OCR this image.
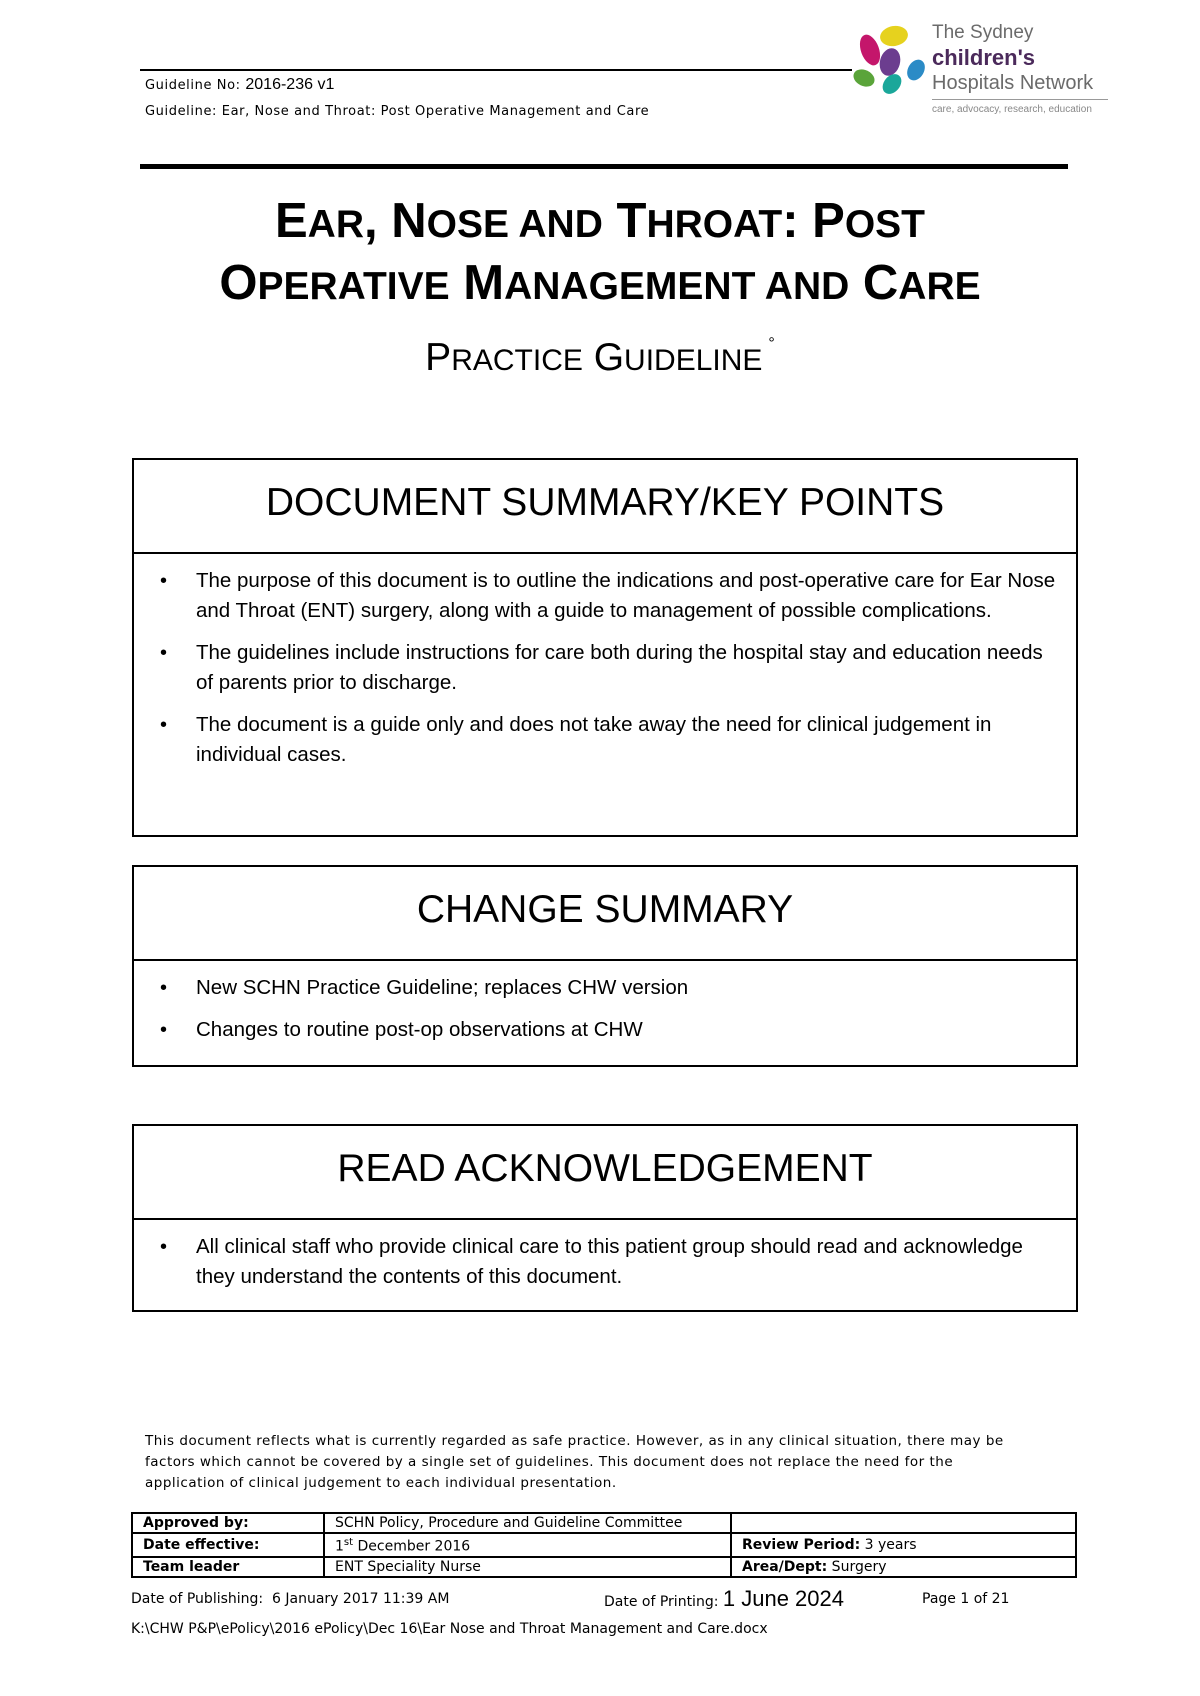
Guideline No: 2016-236 v1
Guideline: Ear, Nose and Throat: Post Operative Management and Care
The Sydney
children's
Hospitals Network
care, advocacy, research, education
EAR, NOSE AND THROAT: POST
OPERATIVE MANAGEMENT AND CARE
PRACTICE GUIDELINE°
DOCUMENT SUMMARY/KEY POINTS
• The purpose of this document is to outline the indications and post-operative care for Ear Nose and Throat (ENT) surgery, along with a guide to management of possible complications.
• The guidelines include instructions for care both during the hospital stay and education needs of parents prior to discharge.
• The document is a guide only and does not take away the need for clinical judgement in individual cases.
CHANGE SUMMARY
• New SCHN Practice Guideline; replaces CHW version
• Changes to routine post-op observations at CHW
READ ACKNOWLEDGEMENT
• All clinical staff who provide clinical care to this patient group should read and acknowledge they understand the contents of this document.
This document reflects what is currently regarded as safe practice. However, as in any clinical situation, there may be
factors which cannot be covered by a single set of guidelines. This document does not replace the need for the
application of clinical judgement to each individual presentation.
Approved by:	SCHN Policy, Procedure and Guideline Committee	
Date effective:	1st December 2016	Review Period: 3 years
Team leader	ENT Speciality Nurse	Area/Dept: Surgery
Date of Publishing: 6 January 2017 11:39 AM	Date of Printing: 1 June 2024	Page 1 of 21
K:\CHW P&P\ePolicy\2016 ePolicy\Dec 16\Ear Nose and Throat Management and Care.docx
